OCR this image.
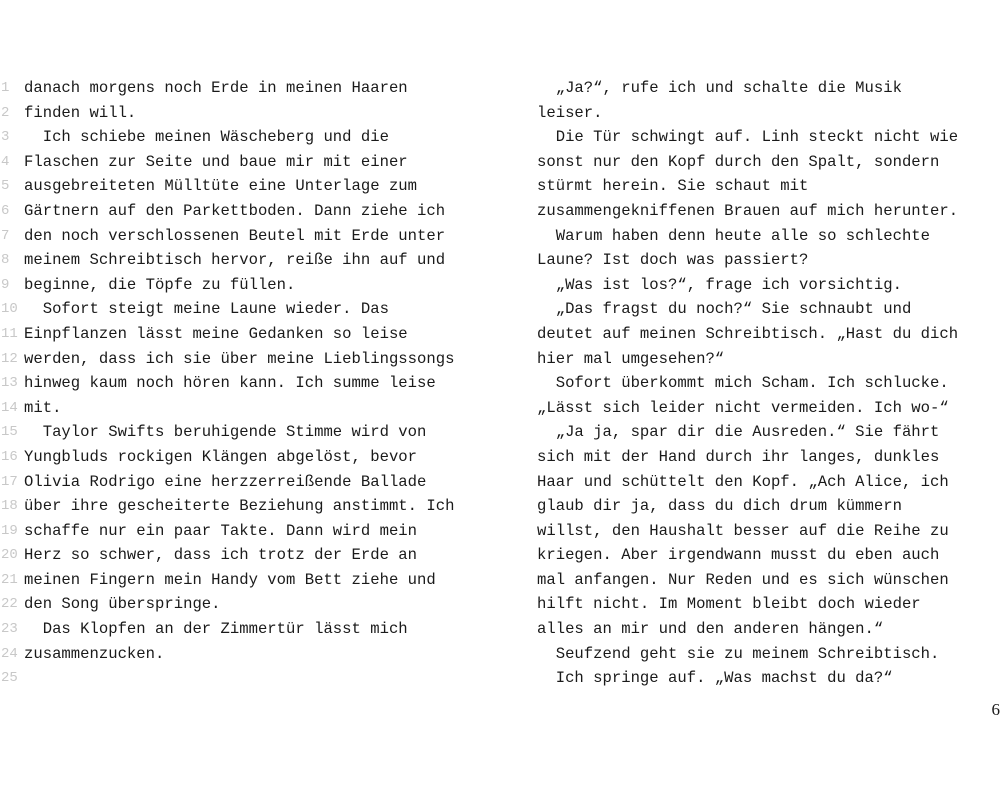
1 danach morgens noch Erde in meinen Haaren
2 finden will.
3 Ich schiebe meinen Wäscheberg und die
4 Flaschen zur Seite und baue mir mit einer
5 ausgebreiteten Mülltüte eine Unterlage zum
6 Gärtnern auf den Parkettboden. Dann ziehe ich
7 den noch verschlossenen Beutel mit Erde unter
8 meinem Schreibtisch hervor, reiße ihn auf und
9 beginne, die Töpfe zu füllen.
10 Sofort steigt meine Laune wieder. Das
11 Einpflanzen lässt meine Gedanken so leise
12 werden, dass ich sie über meine Lieblingssongs
13 hinweg kaum noch hören kann. Ich summe leise
14 mit.
15 Taylor Swifts beruhigende Stimme wird von
16 Yungbluds rockigen Klängen abgelöst, bevor
17 Olivia Rodrigo eine herzzerreißende Ballade
18 über ihre gescheiterte Beziehung anstimmt. Ich
19 schaffe nur ein paar Takte. Dann wird mein
20 Herz so schwer, dass ich trotz der Erde an
21 meinen Fingern mein Handy vom Bett ziehe und
22 den Song überspringe.
23 Das Klopfen an der Zimmertür lässt mich
24 zusammenzucken.
25
„Ja?“, rufe ich und schalte die Musik
leiser.
Die Tür schwingt auf. Linh steckt nicht wie
sonst nur den Kopf durch den Spalt, sondern
stürmt herein. Sie schaut mit
zusammengekniffenen Brauen auf mich herunter.
Warum haben denn heute alle so schlechte
Laune? Ist doch was passiert?
„Was ist los?“, frage ich vorsichtig.
„Das fragst du noch?“ Sie schnaubt und
deutet auf meinen Schreibtisch. „Hast du dich
hier mal umgesehen?“
Sofort überkommt mich Scham. Ich schlucke.
„Lässt sich leider nicht vermeiden. Ich wo-“
„Ja ja, spar dir die Ausreden.“ Sie fährt
sich mit der Hand durch ihr langes, dunkles
Haar und schüttelt den Kopf. „Ach Alice, ich
glaub dir ja, dass du dich drum kümmern
willst, den Haushalt besser auf die Reihe zu
kriegen. Aber irgendwann musst du eben auch
mal anfangen. Nur Reden und es sich wünschen
hilft nicht. Im Moment bleibt doch wieder
alles an mir und den anderen hängen.“
Seufzend geht sie zu meinem Schreibtisch.
Ich springe auf. „Was machst du da?“
6
